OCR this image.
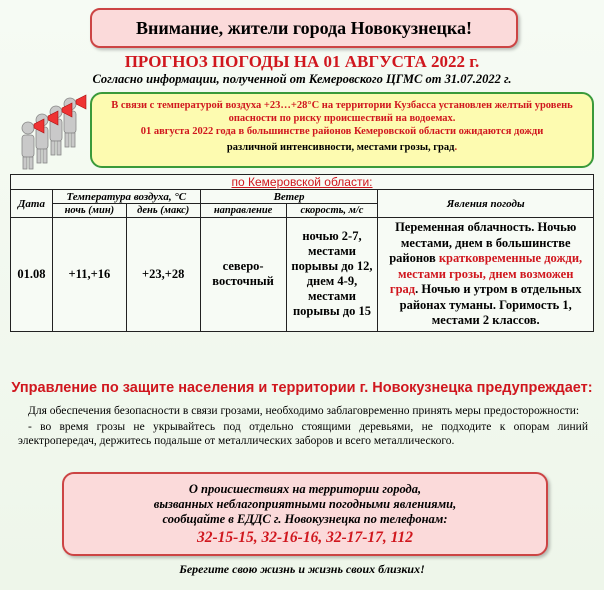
Внимание, жители города Новокузнецка!
ПРОГНОЗ ПОГОДЫ НА 01 АВГУСТА 2022 г.
Согласно информации, полученной от Кемеровского ЦГМС от 31.07.2022 г.

В связи с температурой воздуха +23…+28°С на территории Кузбасса установлен желтый уровень опасности по риску происшествий на водоемах.

01 августа 2022 года в большинстве районов Кемеровской области ожидаются дожди

различной интенсивности, местами грозы, град.

по Кемеровской области:					
Дата	Температура воздуха, °С		Ветер		Явления погоды
	ночь (мин)	день (макс)	направление	скорость, м/с	
01.08	+11,+16	+23,+28	северо-восточный	ночью 2-7, местами порывы до 12, днем 4-9, местами порывы до 15	Переменная облачность. Ночью местами, днем в большинстве районов кратковременные дожди, местами грозы, днем возможен град. Ночью и утром в отдельных районах туманы. Горимость 1, местами 2 классов.
Управление по защите населения и территории г. Новокузнецка предупреждает:

Для обеспечения безопасности в связи грозами, необходимо заблаговременно принять меры предосторожности:

- во время грозы не укрывайтесь под отдельно стоящими деревьями, не подходите к опорам линий электропередач, держитесь подальше от металлических заборов и всего металлического.

О происшествиях на территории города,
вызванных неблагоприятными погодными явлениями,
сообщайте в ЕДДС г. Новокузнецка по телефонам:
32-15-15, 32-16-16, 32-17-17, 112
Берегите свою жизнь и жизнь своих близких!
